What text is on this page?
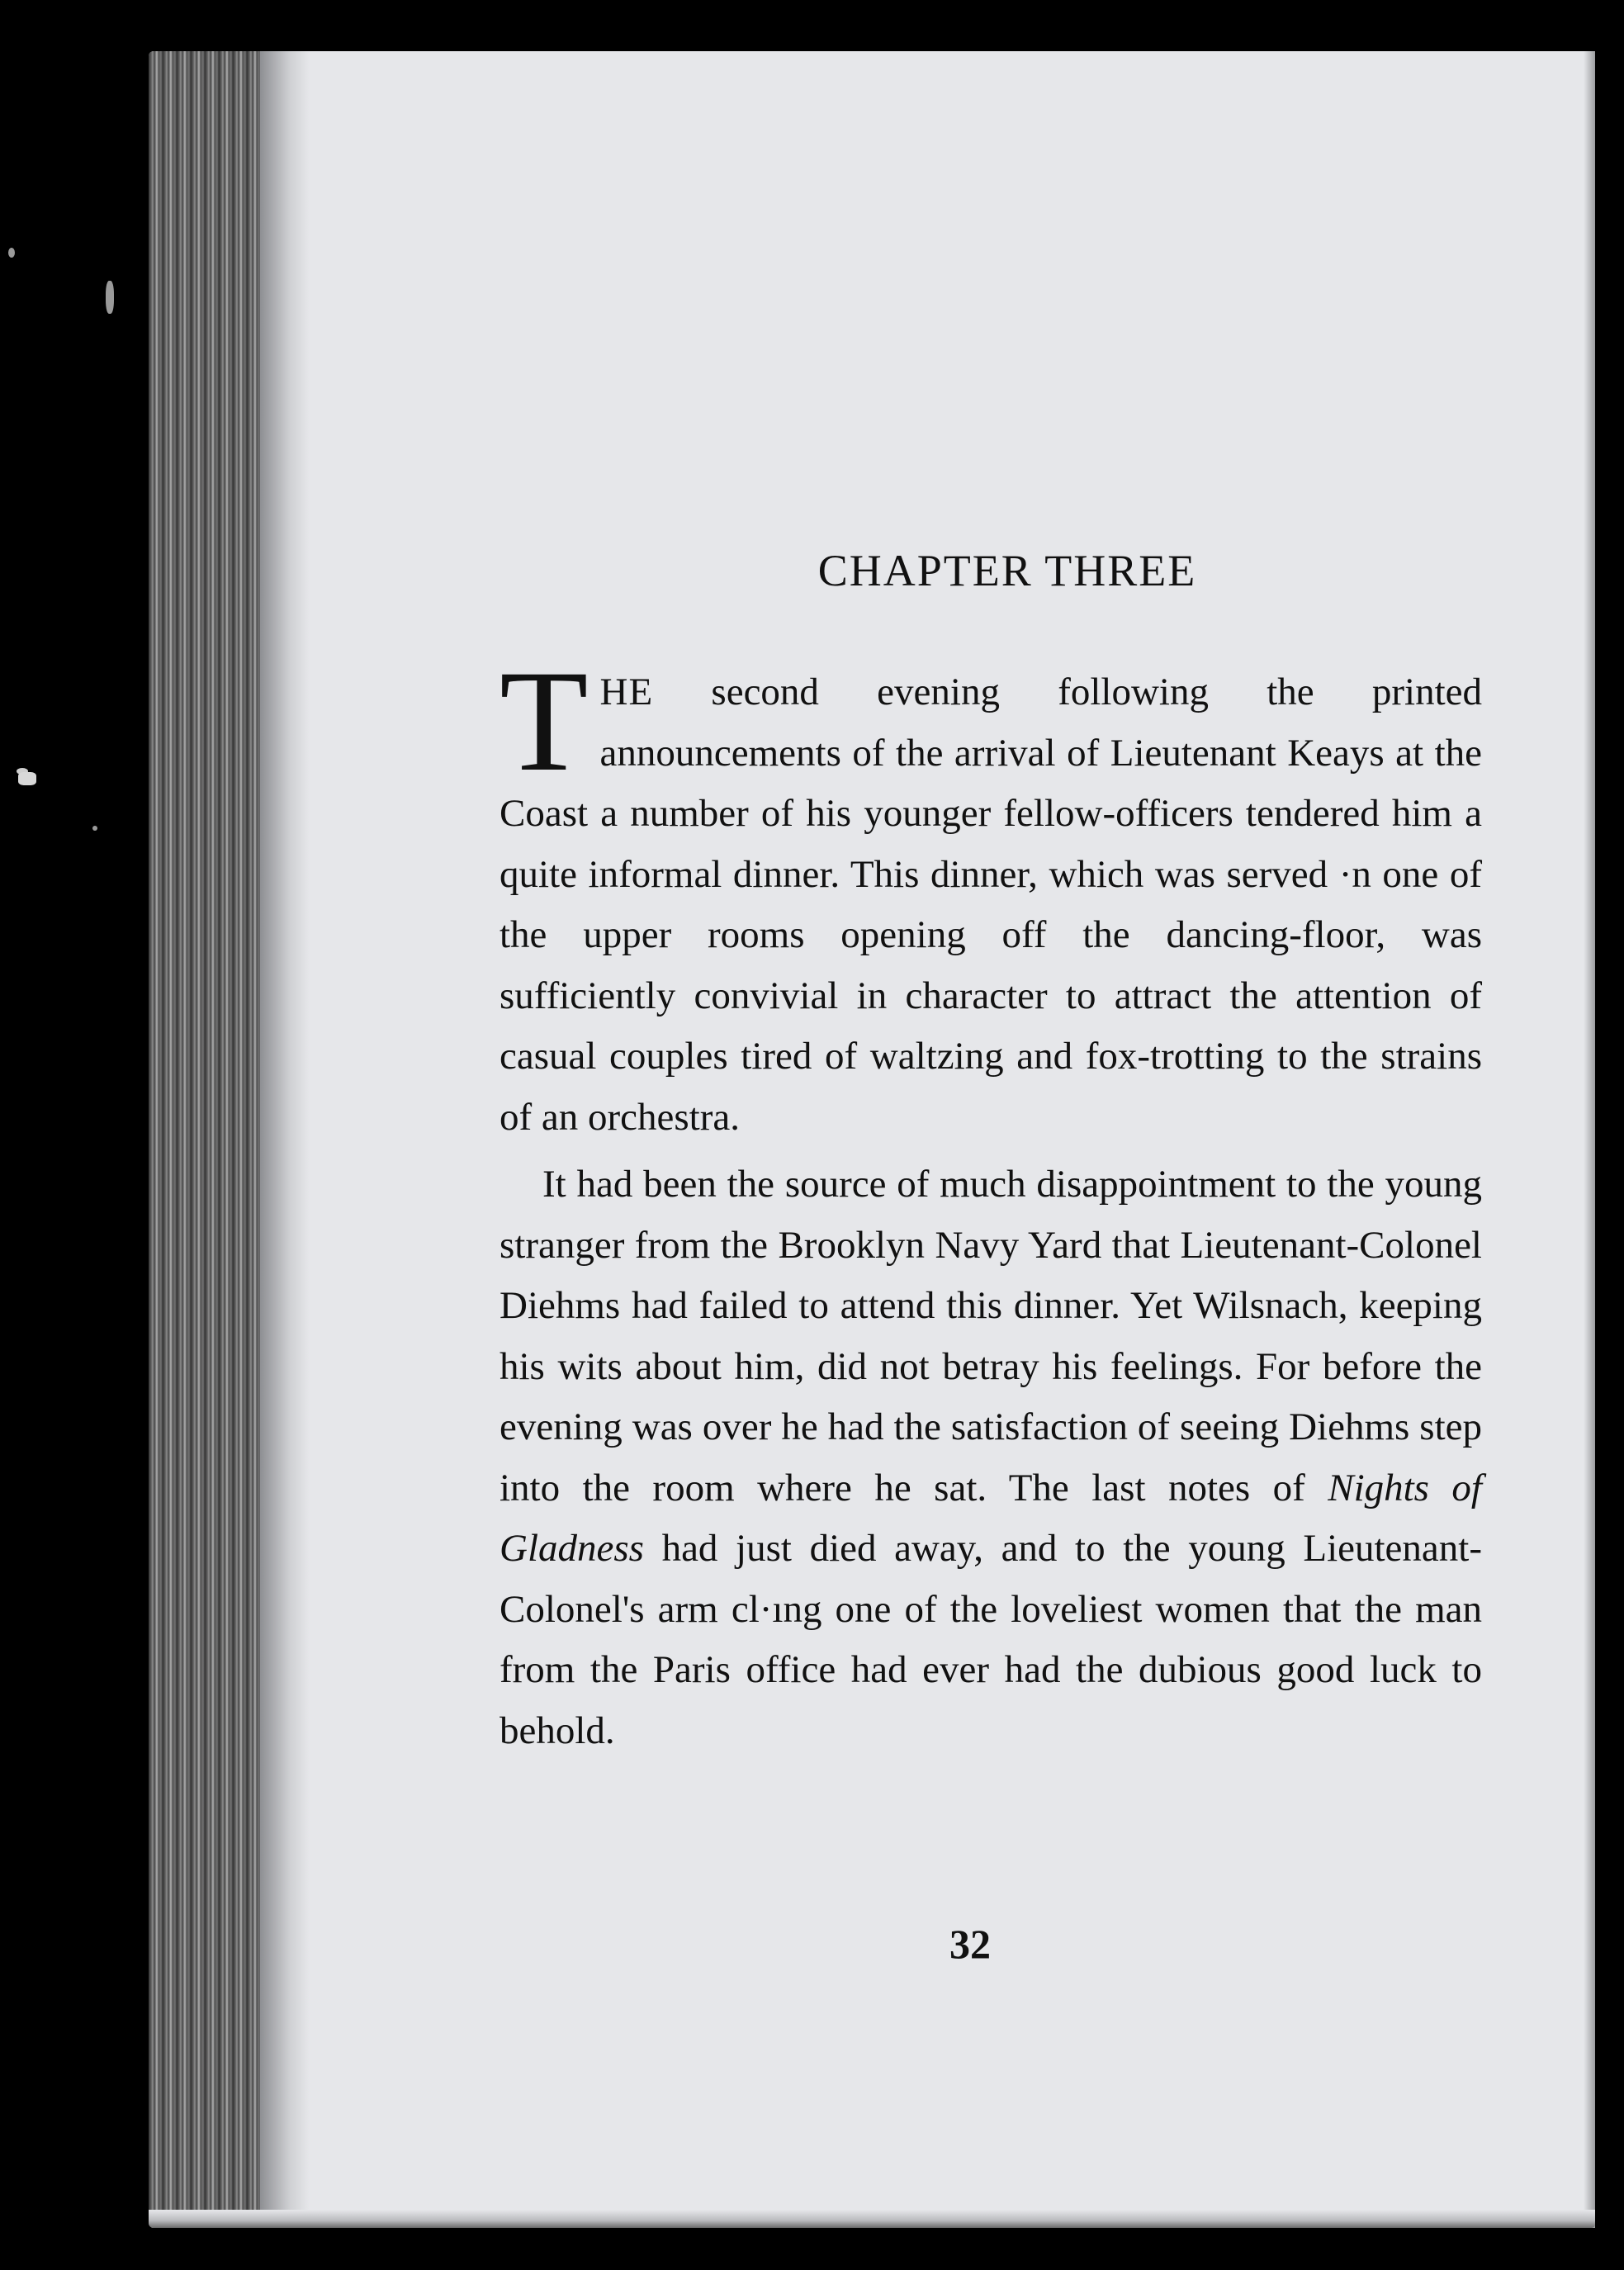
CHAPTER THREE

THE second evening following the printed announcements of the arrival of Lieutenant Keays at the Coast a number of his younger fellow-officers tendered him a quite informal dinner. This dinner, which was served ·n one of the upper rooms opening off the dancing-floor, was sufficiently convivial in character to attract the attention of casual couples tired of waltzing and fox-trotting to the strains of an orchestra.

It had been the source of much disappointment to the young stranger from the Brooklyn Navy Yard that Lieutenant-Colonel Diehms had failed to attend this dinner. Yet Wilsnach, keeping his wits about him, did not betray his feelings. For before the evening was over he had the satisfaction of seeing Diehms step into the room where he sat. The last notes of Nights of Gladness had just died away, and to the young Lieutenant-Colonel's arm cl·ıng one of the loveliest women that the man from the Paris office had ever had the dubious good luck to behold.

32
